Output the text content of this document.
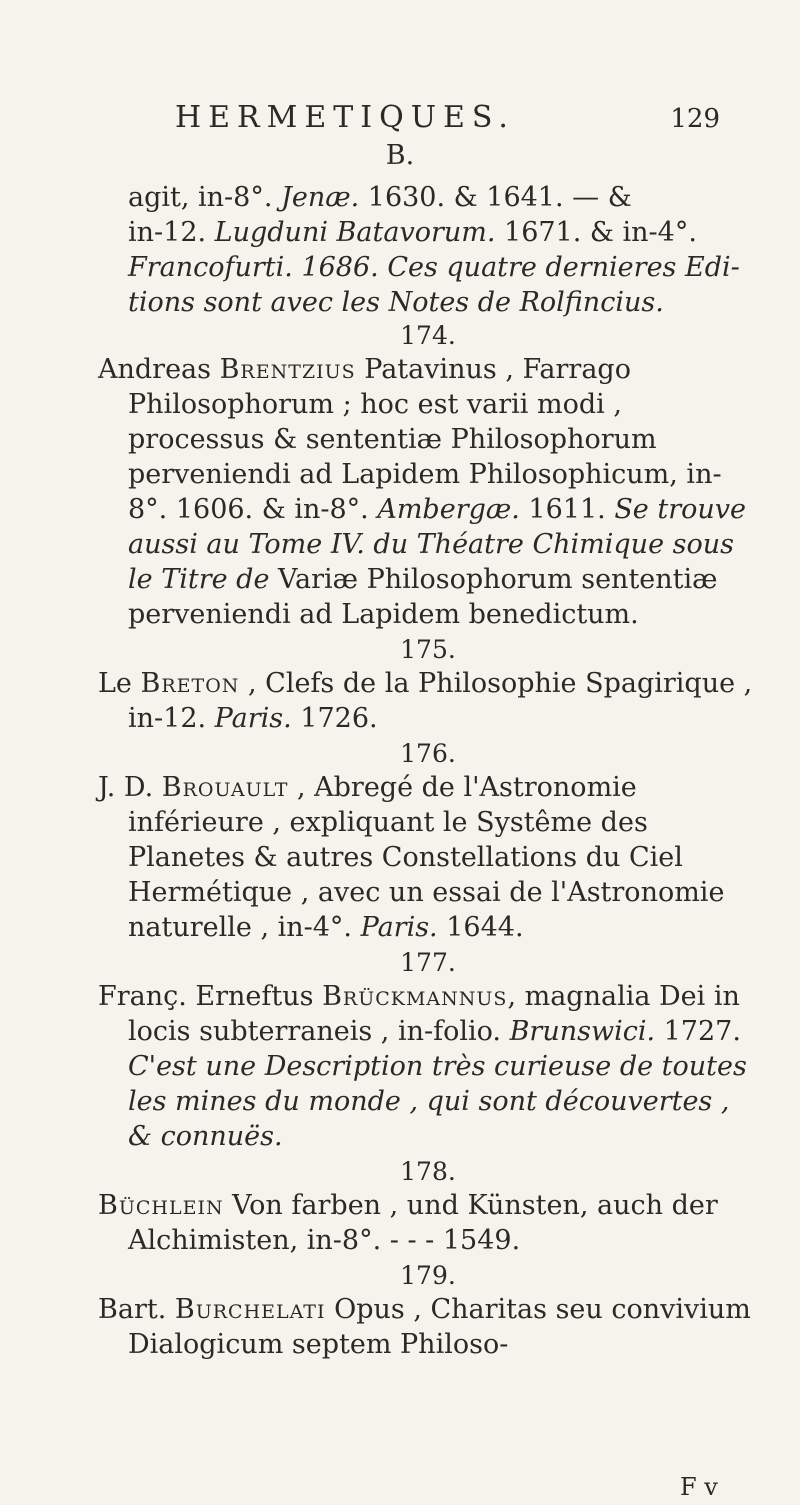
HERMETIQUES.	129
B.
agit, in-8°. Jenæ. 1630. & 1641. — &
in-12. Lugduni Batavorum. 1671. & in-4°.
Francofurti. 1686. Ces quatre dernieres Edi-
tions sont avec les Notes de Rolfincius.

174.

Andreas Brentzius Patavinus , Farrago Philosophorum ; hoc est varii modi , processus & sententiæ Philosophorum perveniendi ad Lapidem Philosophicum, in-8°. 1606. & in-8°. Ambergæ. 1611. Se trouve aussi au Tome IV. du Théatre Chimique sous le Titre de Variæ Philosophorum sententiæ perveniendi ad Lapidem benedictum.

175.

Le Breton , Clefs de la Philosophie Spagirique , in-12. Paris. 1726.

176.

J. D. Brouault , Abregé de l'Astronomie inférieure , expliquant le Systême des Planetes & autres Constellations du Ciel Hermétique , avec un essai de l'Astronomie naturelle , in-4°. Paris. 1644.

177.

Franç. Erneftus Brückmannus, magnalia Dei in locis subterraneis , in-folio. Brunswici. 1727. C'est une Description très curieuse de toutes les mines du monde , qui sont découvertes , & connuës.

178.

Büchlein Von farben , und Künsten, auch der Alchimisten, in-8°. - - - 1549.

179.

Bart. Burchelati Opus , Charitas seu convivium Dialogicum septem Philoso-

F v
